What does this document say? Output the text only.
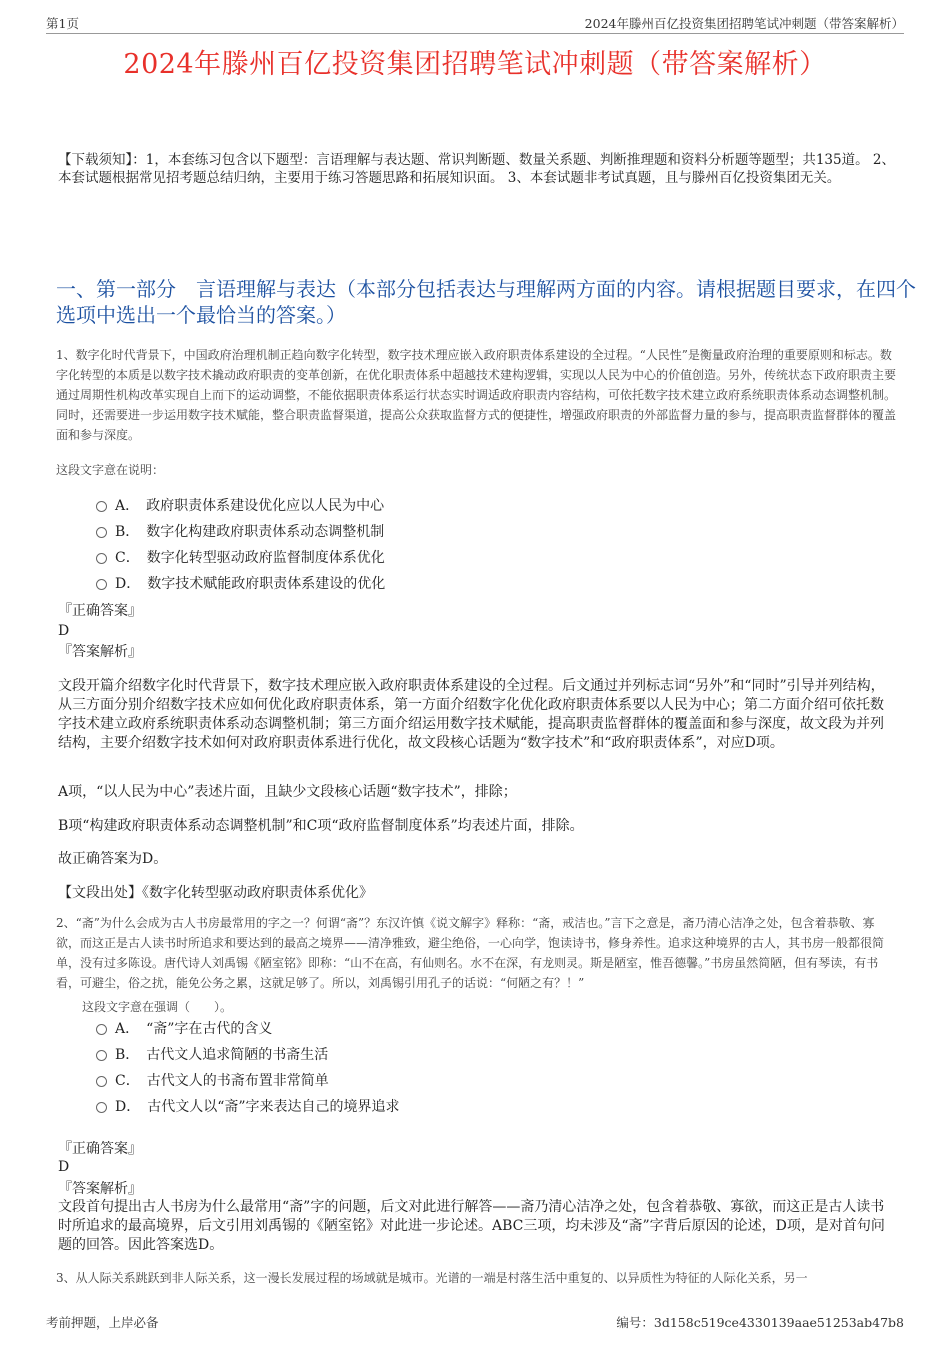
第1页	2024年滕州百亿投资集团招聘笔试冲刺题（带答案解析）
2024年滕州百亿投资集团招聘笔试冲刺题（带答案解析）
【下载须知】：1，本套练习包含以下题型：言语理解与表达题、常识判断题、数量关系题、判断推理题和资料分析题等题型；共135道。 2、本套试题根据常见招考题总结归纳，主要用于练习答题思路和拓展知识面。 3、本套试题非考试真题，且与滕州百亿投资集团无关。
一、第一部分　言语理解与表达（本部分包括表达与理解两方面的内容。请根据题目要求，在四个选项中选出一个最恰当的答案。）
1、数字化时代背景下，中国政府治理机制正趋向数字化转型，数字技术理应嵌入政府职责体系建设的全过程。“人民性”是衡量政府治理的重要原则和标志。数字化转型的本质是以数字技术撬动政府职责的变革创新，在优化职责体系中超越技术建构逻辑，实现以人民为中心的价值创造。另外，传统状态下政府职责主要通过周期性机构改革实现自上而下的运动调整，不能依据职责体系运行状态实时调适政府职责内容结构，可依托数字技术建立政府系统职责体系动态调整机制。同时，还需要进一步运用数字技术赋能，整合职责监督渠道，提高公众获取监督方式的便捷性，增强政府职责的外部监督力量的参与，提高职责监督群体的覆盖面和参与深度。
这段文字意在说明：
A．　政府职责体系建设优化应以人民为中心
B．　数字化构建政府职责体系动态调整机制
C．　数字化转型驱动政府监督制度体系优化
D．　数字技术赋能政府职责体系建设的优化
『正确答案』
D
『答案解析』
文段开篇介绍数字化时代背景下，数字技术理应嵌入政府职责体系建设的全过程。后文通过并列标志词“另外”和“同时”引导并列结构，从三方面分别介绍数字技术应如何优化政府职责体系，第一方面介绍数字化优化政府职责体系要以人民为中心；第二方面介绍可依托数字技术建立政府系统职责体系动态调整机制；第三方面介绍运用数字技术赋能，提高职责监督群体的覆盖面和参与深度，故文段为并列结构，主要介绍数字技术如何对政府职责体系进行优化，故文段核心话题为“数字技术”和“政府职责体系”，对应D项。
A项，“以人民为中心”表述片面，且缺少文段核心话题“数字技术”，排除；
B项“构建政府职责体系动态调整机制”和C项“政府监督制度体系”均表述片面，排除。
故正确答案为D。
【文段出处】《数字化转型驱动政府职责体系优化》
2、“斋”为什么会成为古人书房最常用的字之一？何谓“斋”？东汉许慎《说文解字》释称：“斋，戒洁也。”言下之意是，斋乃清心洁净之处，包含着恭敬、寡欲，而这正是古人读书时所追求和要达到的最高之境界——清净雅致，避尘绝俗，一心向学，饱读诗书，修身养性。追求这种境界的古人，其书房一般都很简单，没有过多陈设。唐代诗人刘禹锡《陋室铭》即称：“山不在高，有仙则名。水不在深，有龙则灵。斯是陋室，惟吾德馨。”书房虽然简陋，但有琴读，有书看，可避尘，俗之扰，能免公务之累，这就足够了。所以，刘禹锡引用孔子的话说：“何陋之有？！”
这段文字意在强调（　　）。
A．　“斋”字在古代的含义
B．　古代文人追求简陋的书斋生活
C．　古代文人的书斋布置非常简单
D．　古代文人以“斋”字来表达自己的境界追求
『正确答案』
D
『答案解析』
文段首句提出古人书房为什么最常用“斋”字的问题，后文对此进行解答——斋乃清心洁净之处，包含着恭敬、寡欲，而这正是古人读书时所追求的最高境界，后文引用刘禹锡的《陋室铭》对此进一步论述。ABC三项，均未涉及“斋”字背后原因的论述，D项，是对首句问题的回答。因此答案选D。
3、从人际关系跳跃到非人际关系，这一漫长发展过程的场域就是城市。光谱的一端是村落生活中重复的、以异质性为特征的人际化关系，另一
考前押题，上岸必备	编号：3d158c519ce4330139aae51253ab47b8
